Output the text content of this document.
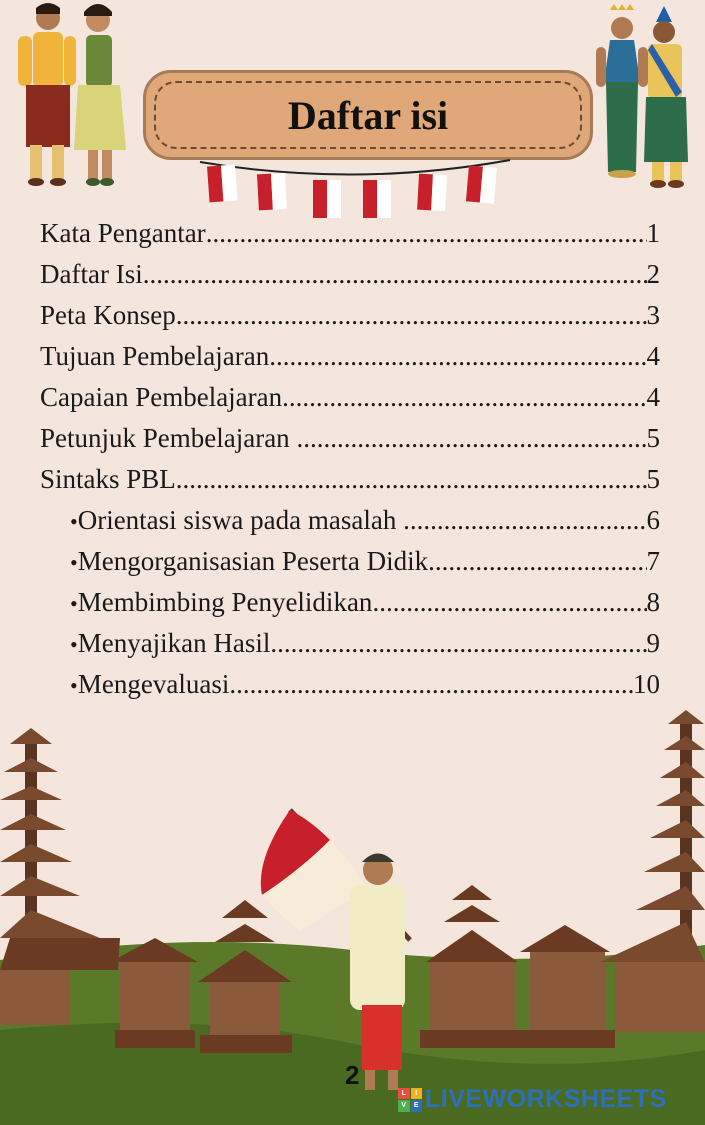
Daftar isi
Kata Pengantar .....	1
Daftar Isi .....	2
Peta Konsep .....	3
Tujuan Pembelajaran .....	4
Capaian Pembelajaran .....	4
Petunjuk Pembelajaran .....	5
Sintaks PBL .....	5
• Orientasi siswa pada masalah .....	6
• Mengorganisasian Peserta Didik .....	7
• Membimbing Penyelidikan .....	8
• Menyajikan Hasil .....	9
• Mengevaluasi .....	10
2
L	I
V	E LIVEWORKSHEETS
